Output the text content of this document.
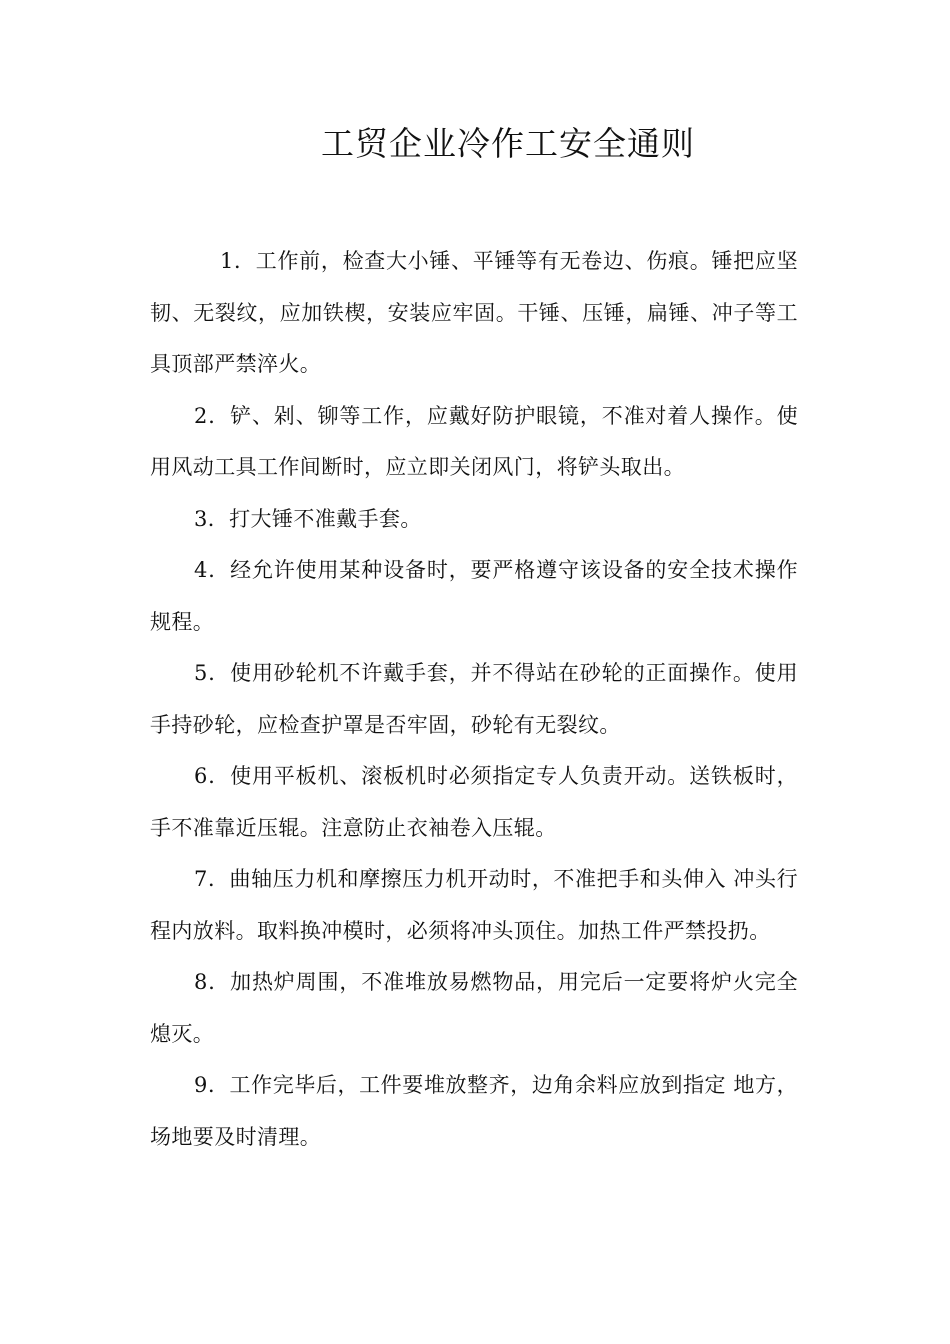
工贸企业冷作工安全通则

1．工作前，检查大小锤、平锤等有无卷边、伤痕。锤把应坚韧、无裂纹，应加铁楔，安装应牢固。干锤、压锤，扁锤、冲子等工具顶部严禁淬火。

2．铲、剁、铆等工作，应戴好防护眼镜，不准对着人操作。使用风动工具工作间断时，应立即关闭风门，将铲头取出。

3．打大锤不准戴手套。

4．经允许使用某种设备时，要严格遵守该设备的安全技术操作规程。

5．使用砂轮机不许戴手套，并不得站在砂轮的正面操作。使用手持砂轮，应检查护罩是否牢固，砂轮有无裂纹。

6．使用平板机、滚板机时必须指定专人负责开动。送铁板时，手不准靠近压辊。注意防止衣袖卷入压辊。

7．曲轴压力机和摩擦压力机开动时，不准把手和头伸入 冲头行程内放料。取料换冲模时，必须将冲头顶住。加热工件严禁投扔。

8．加热炉周围，不准堆放易燃物品，用完后一定要将炉火完全熄灭。

9．工作完毕后，工件要堆放整齐，边角余料应放到指定 地方，场地要及时清理。
